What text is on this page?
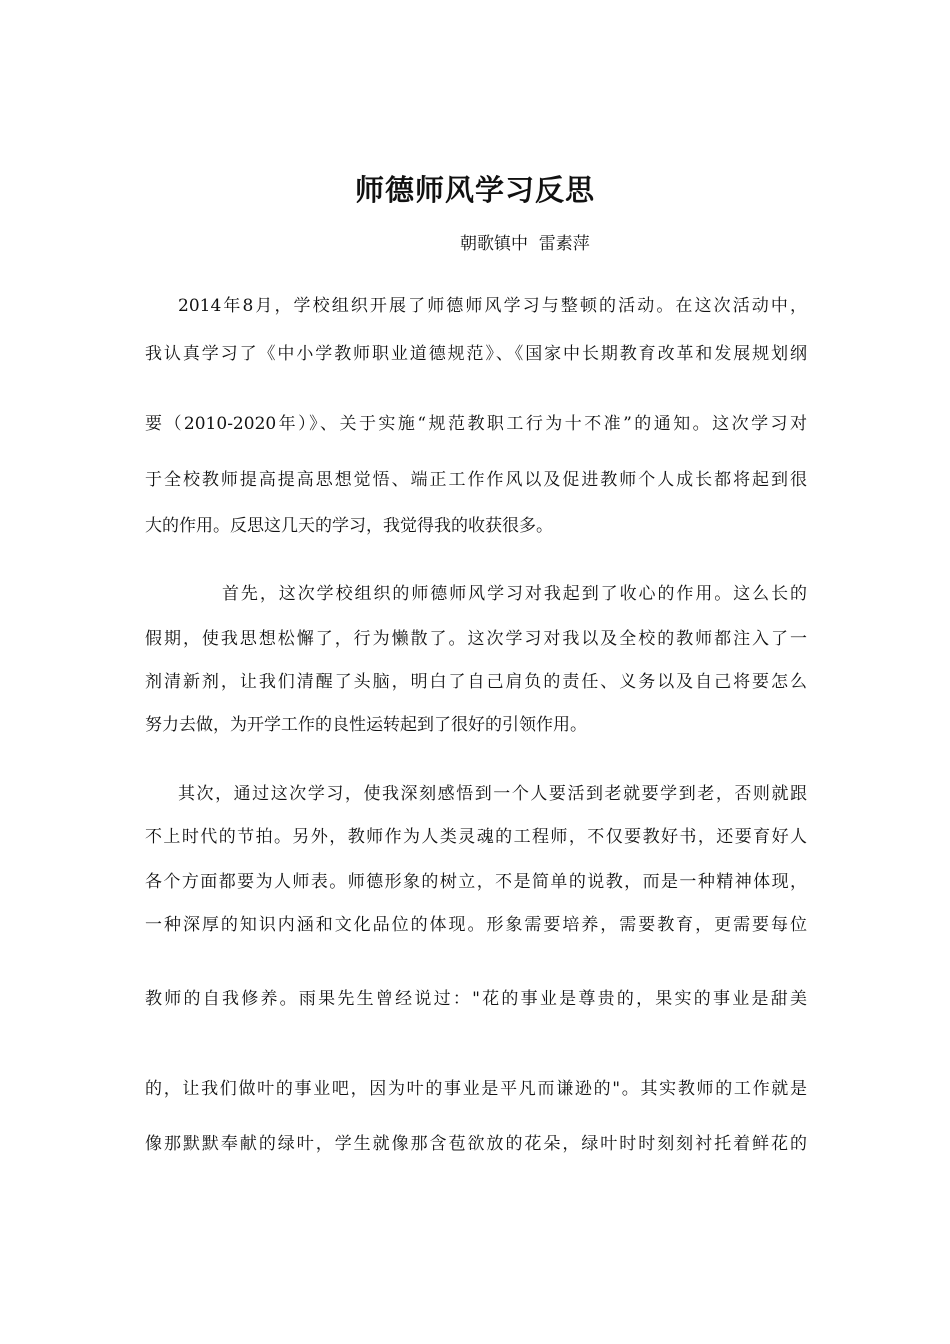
师德师风学习反思
朝歌镇中  雷素萍
2014年8月，学校组织开展了师德师风学习与整顿的活动。在这次活动中，
我认真学习了《中小学教师职业道德规范》、《国家中长期教育改革和发展规划纲
要（2010-2020年）》、关于实施“规范教职工行为十不准”的通知。这次学习对
于全校教师提高提高思想觉悟、端正工作作风以及促进教师个人成长都将起到很
大的作用。反思这几天的学习，我觉得我的收获很多。
首先，这次学校组织的师德师风学习对我起到了收心的作用。这么长的
假期，使我思想松懈了，行为懒散了。这次学习对我以及全校的教师都注入了一
剂清新剂，让我们清醒了头脑，明白了自己肩负的责任、义务以及自己将要怎么
努力去做，为开学工作的良性运转起到了很好的引领作用。
其次，通过这次学习，使我深刻感悟到一个人要活到老就要学到老，否则就跟
不上时代的节拍。另外，教师作为人类灵魂的工程师，不仅要教好书，还要育好人
各个方面都要为人师表。师德形象的树立，不是简单的说教，而是一种精神体现，
一种深厚的知识内涵和文化品位的体现。形象需要培养，需要教育，更需要每位
教师的自我修养。雨果先生曾经说过："花的事业是尊贵的，果实的事业是甜美
的，让我们做叶的事业吧，因为叶的事业是平凡而谦逊的"。其实教师的工作就是
像那默默奉献的绿叶，学生就像那含苞欲放的花朵，绿叶时时刻刻衬托着鲜花的
